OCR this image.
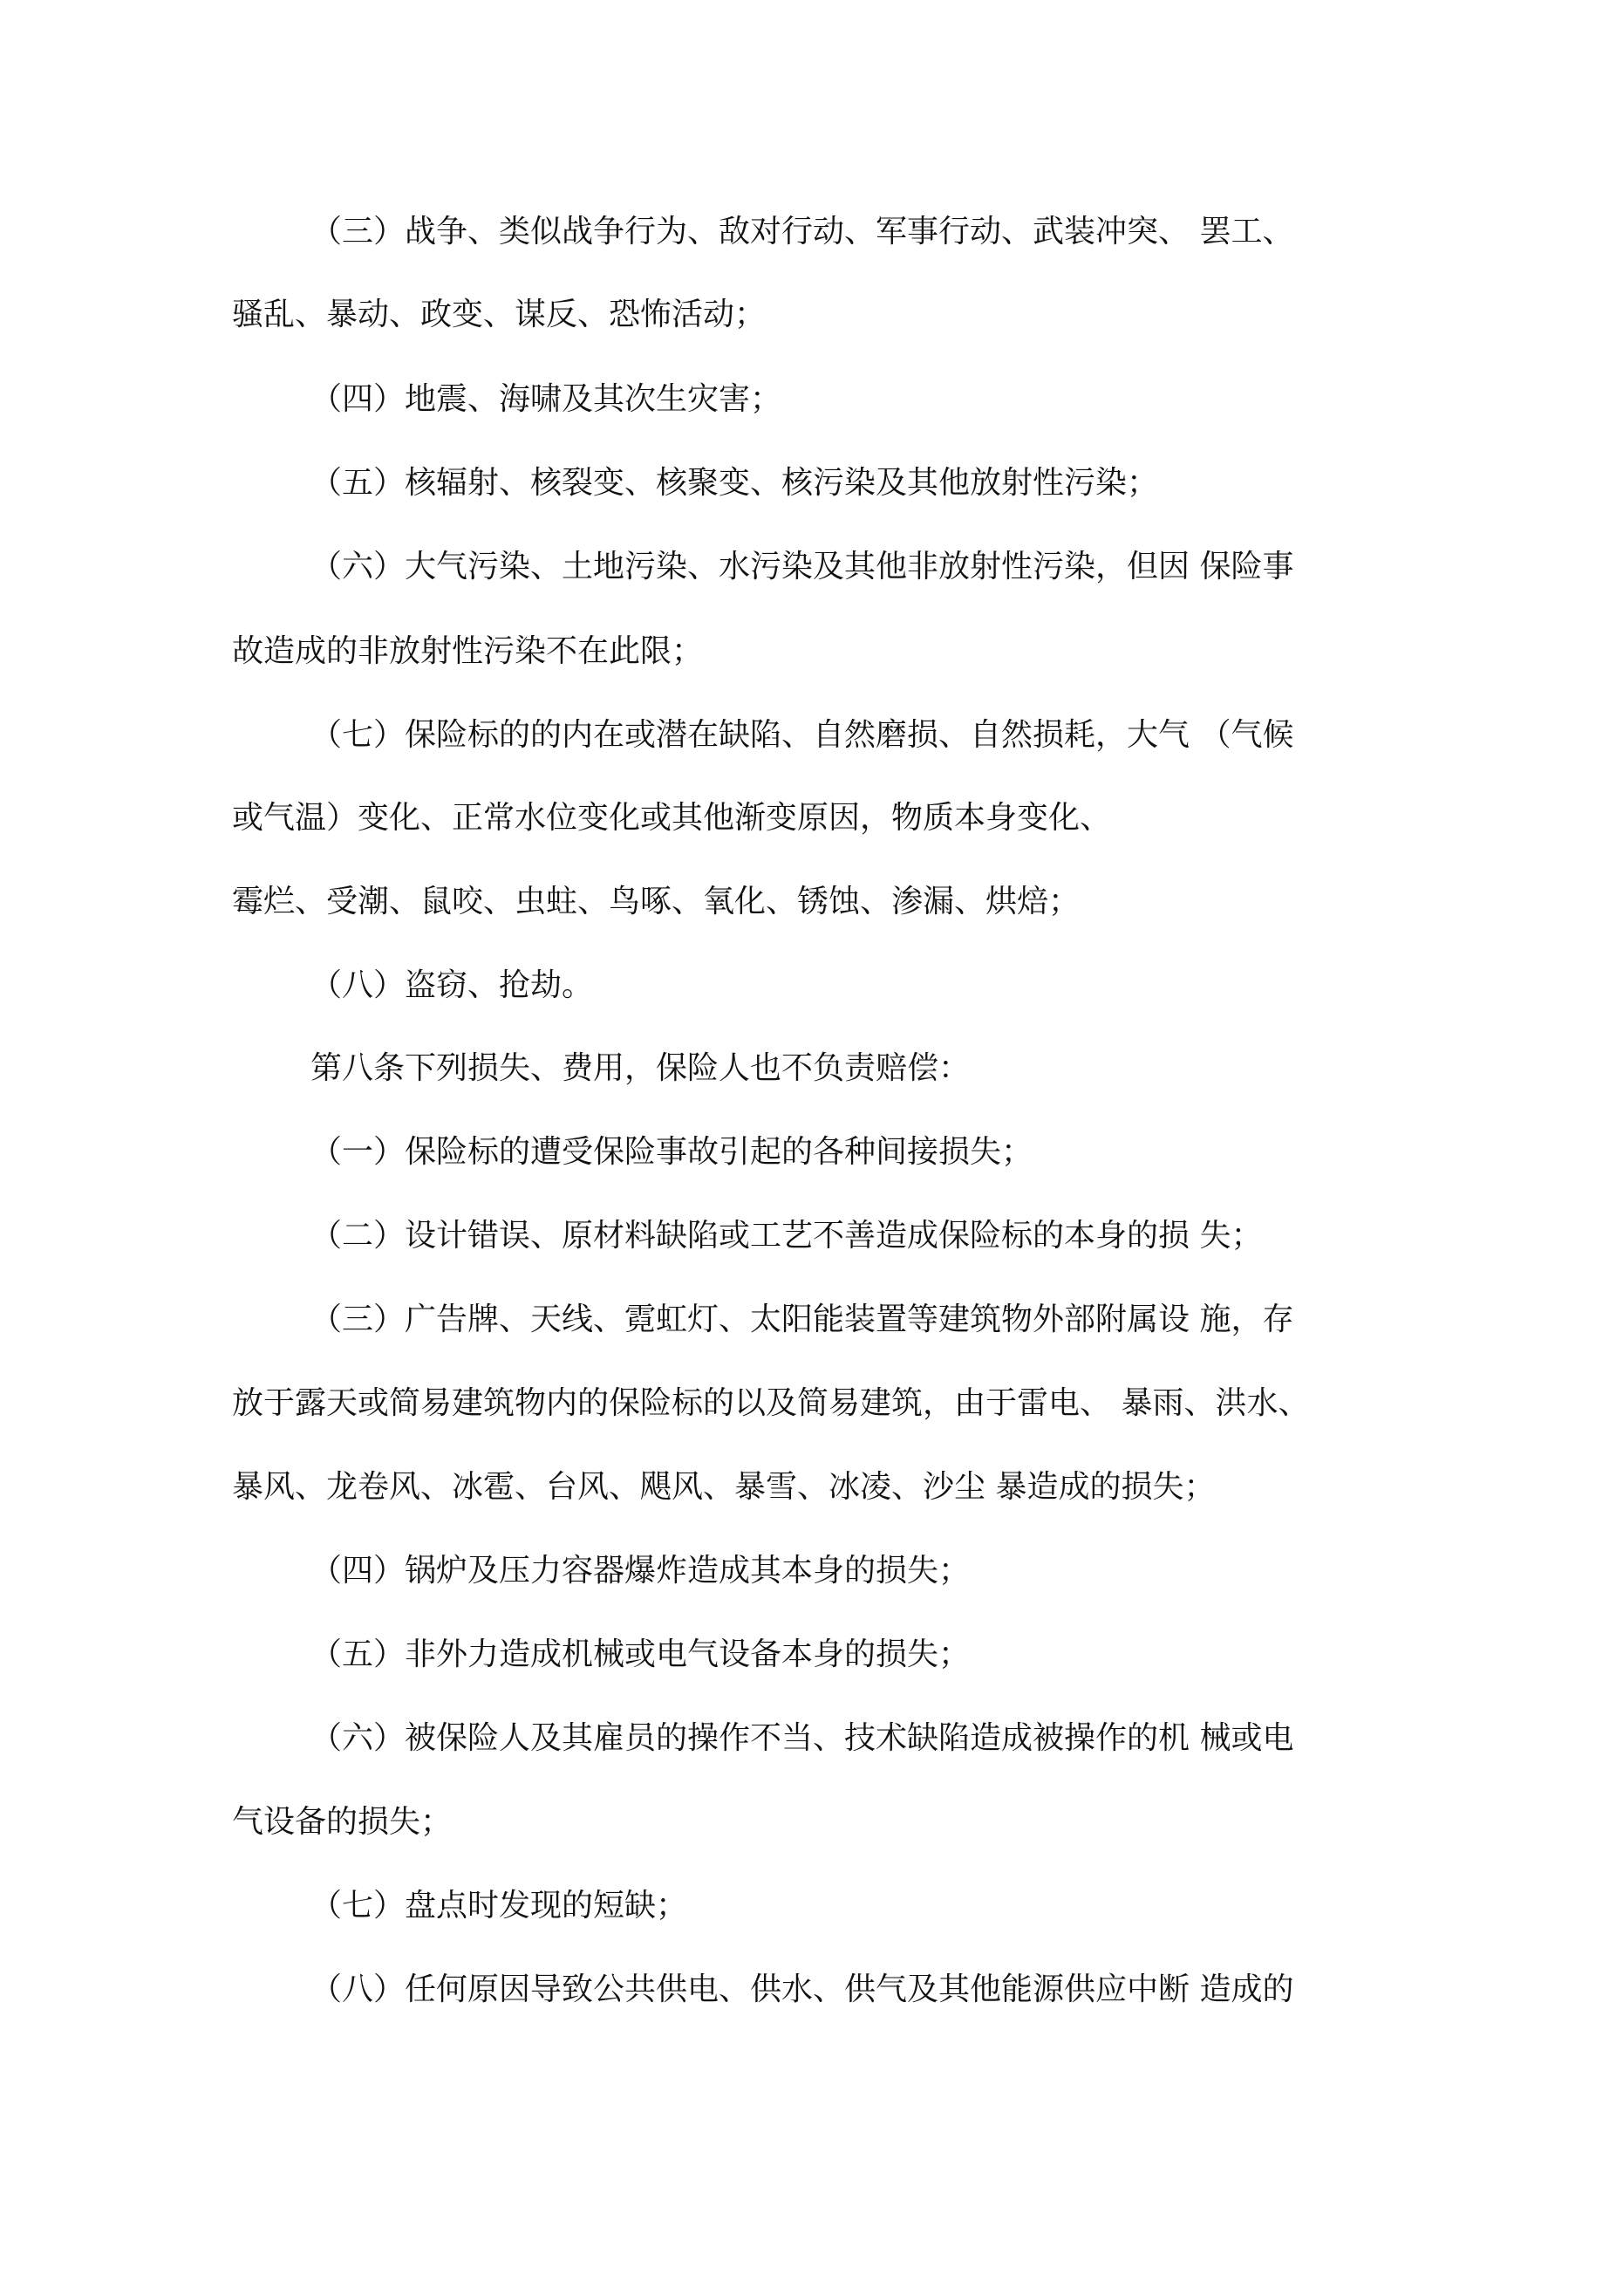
（三）战争、类似战争行为、敌对行动、军事行动、武装冲突、 罢工、
骚乱、暴动、政变、谋反、恐怖活动；
（四）地震、海啸及其次生灾害；
（五）核辐射、核裂变、核聚变、核污染及其他放射性污染；
（六）大气污染、土地污染、水污染及其他非放射性污染，但因 保险事
故造成的非放射性污染不在此限；
（七）保险标的的内在或潜在缺陷、自然磨损、自然损耗，大气 （气候
或气温）变化、正常水位变化或其他渐变原因，物质本身变化、
霉烂、受潮、鼠咬、虫蛀、鸟啄、氧化、锈蚀、渗漏、烘焙；
（八）盗窃、抢劫。
第八条下列损失、费用，保险人也不负责赔偿：
（一）保险标的遭受保险事故引起的各种间接损失；
（二）设计错误、原材料缺陷或工艺不善造成保险标的本身的损 失；
（三）广告牌、天线、霓虹灯、太阳能装置等建筑物外部附属设 施，存
放于露天或简易建筑物内的保险标的以及简易建筑，由于雷电、 暴雨、洪水、
暴风、龙卷风、冰雹、台风、飓风、暴雪、冰凌、沙尘 暴造成的损失；
（四）锅炉及压力容器爆炸造成其本身的损失；
（五）非外力造成机械或电气设备本身的损失；
（六）被保险人及其雇员的操作不当、技术缺陷造成被操作的机 械或电
气设备的损失；
（七）盘点时发现的短缺；
（八）任何原因导致公共供电、供水、供气及其他能源供应中断 造成的
